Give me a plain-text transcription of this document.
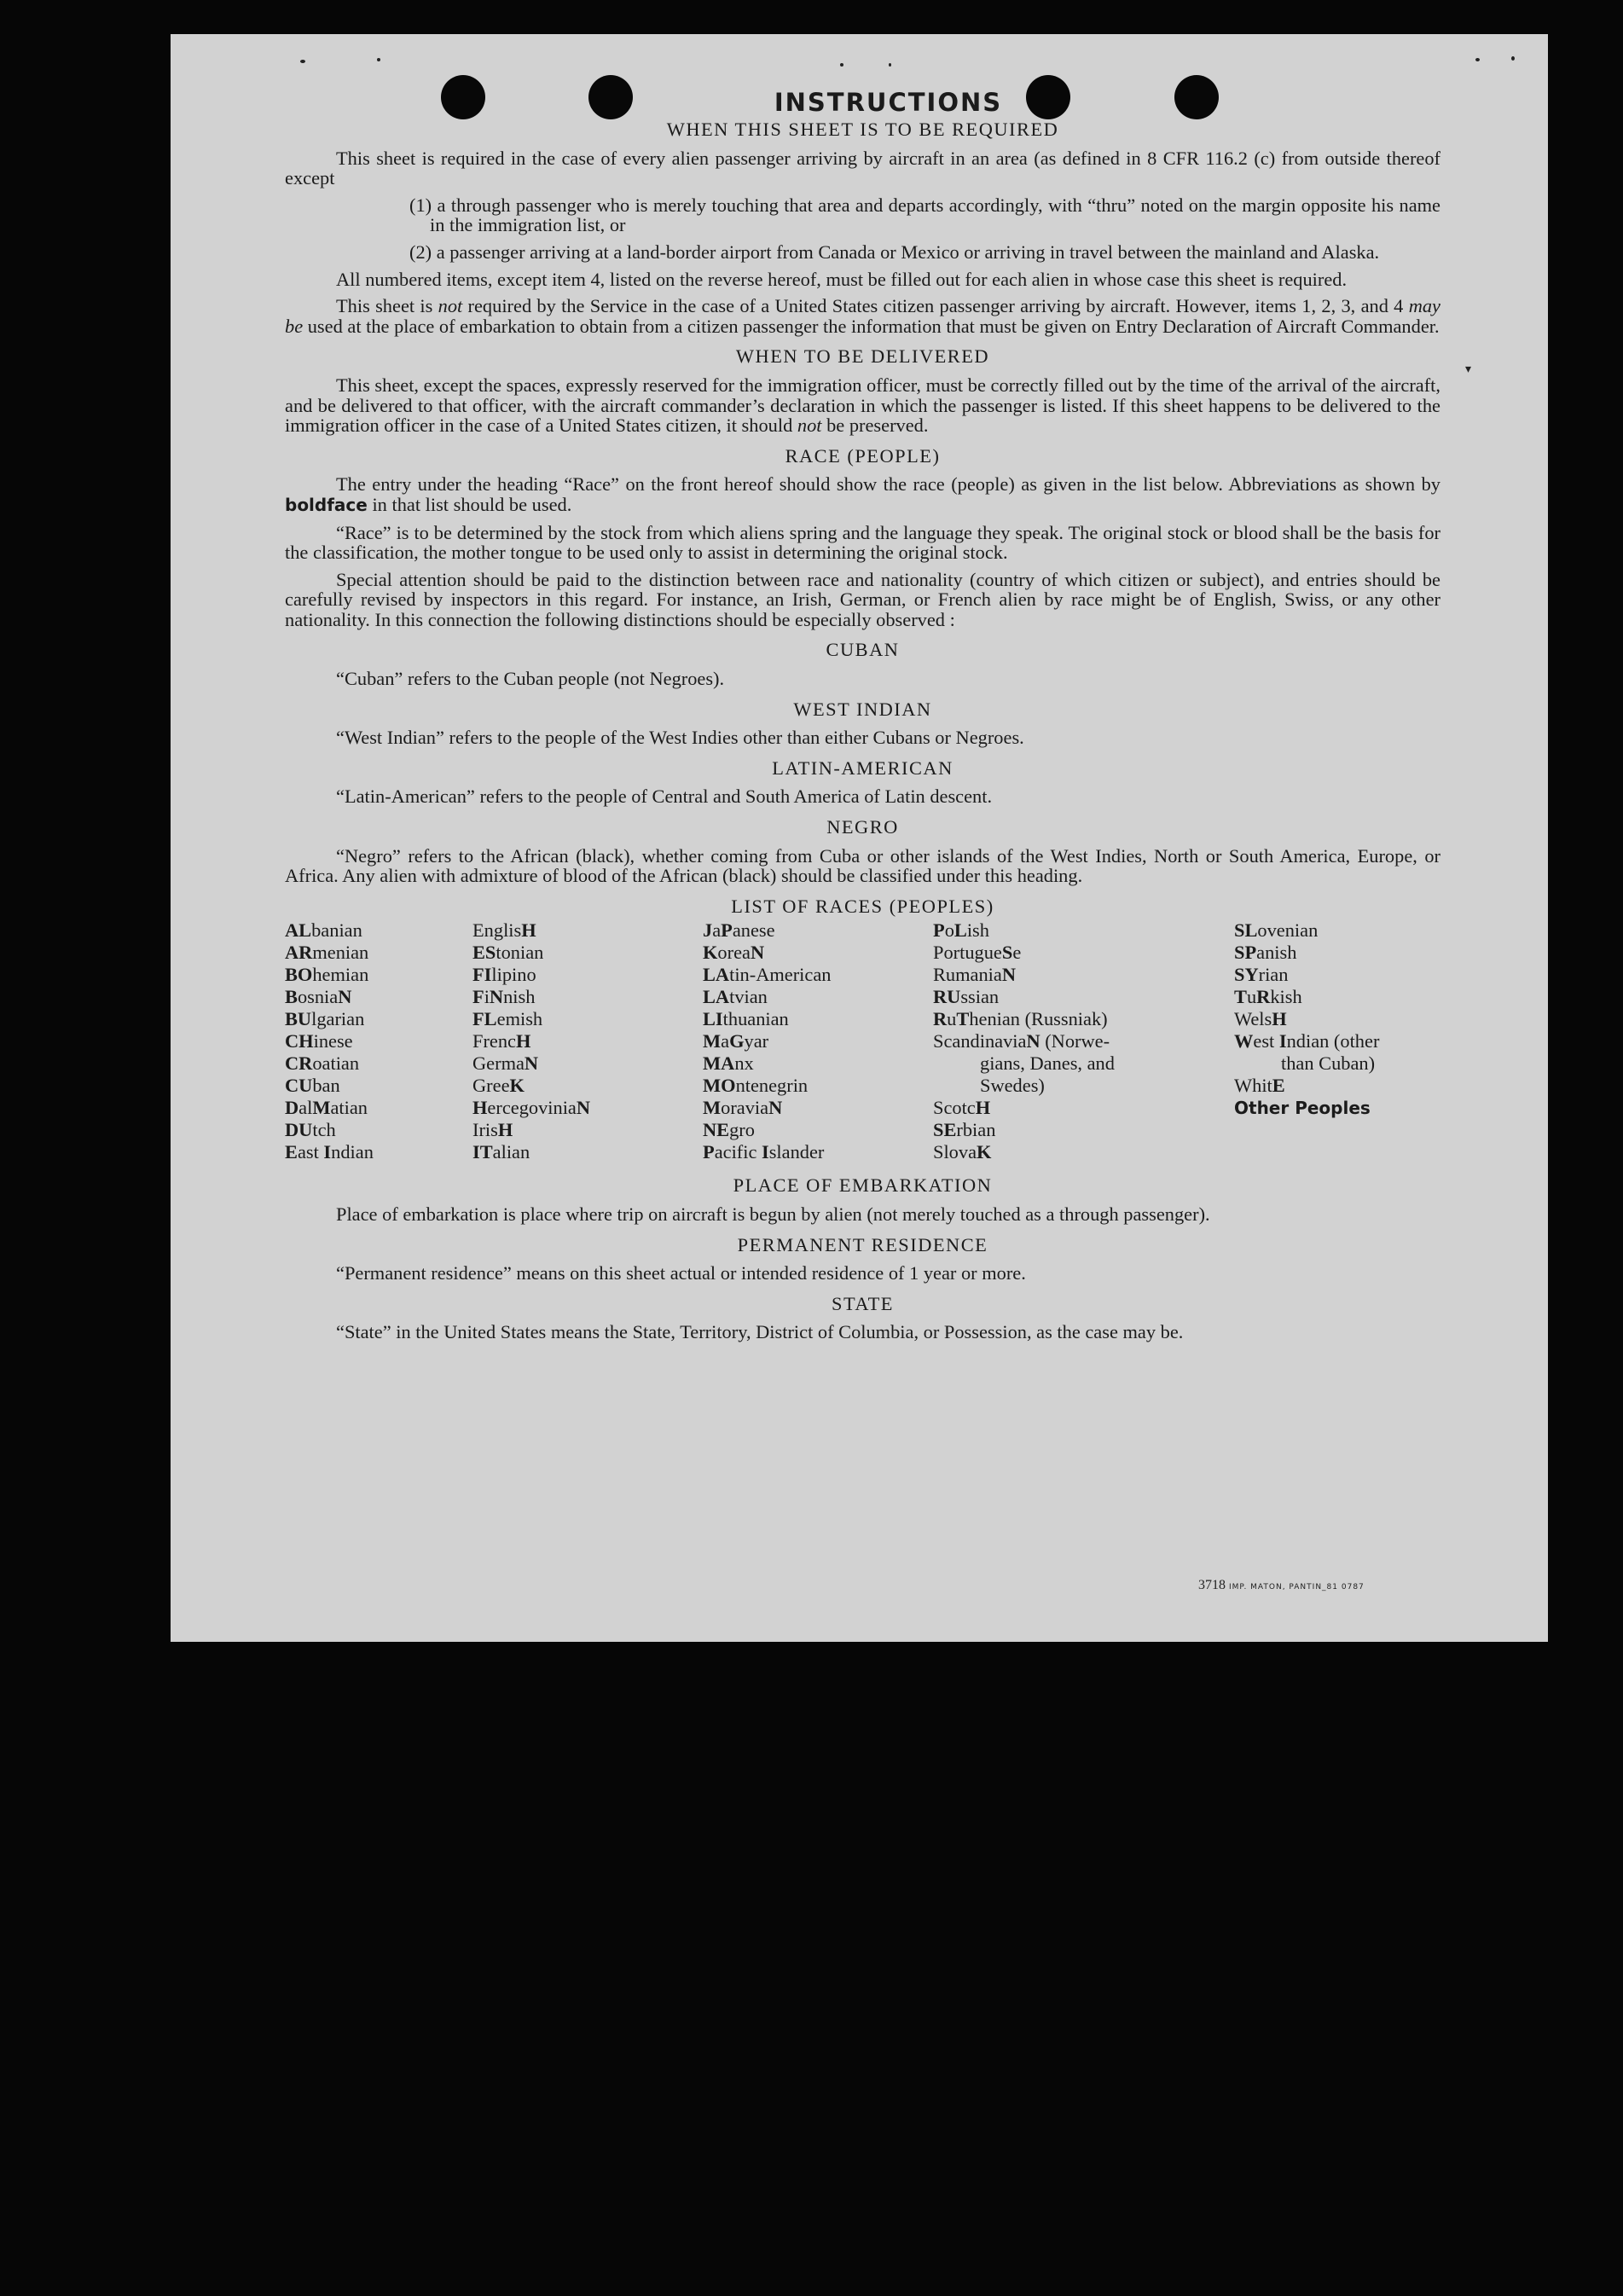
▾
INSTRUCTIONS
WHEN THIS SHEET IS TO BE REQUIRED
This sheet is required in the case of every alien passenger arriving by aircraft in an area (as defined in 8 CFR 116.2 (c) from outside thereof except
(1) a through passenger who is merely touching that area and departs accordingly, with “thru” noted on the margin opposite his name in the immigration list, or
(2) a passenger arriving at a land-border airport from Canada or Mexico or arriving in travel between the mainland and Alaska.
All numbered items, except item 4, listed on the reverse hereof, must be filled out for each alien in whose case this sheet is required.
This sheet is not required by the Service in the case of a United States citizen passenger arriving by aircraft. However, items 1, 2, 3, and 4 may be used at the place of embarkation to obtain from a citizen passenger the information that must be given on Entry Declaration of Aircraft Commander.
WHEN TO BE DELIVERED
This sheet, except the spaces, expressly reserved for the immigration officer, must be correctly filled out by the time of the arrival of the aircraft, and be delivered to that officer, with the aircraft commander’s declaration in which the passenger is listed. If this sheet happens to be delivered to the immigration officer in the case of a United States citizen, it should not be preserved.
RACE (PEOPLE)
The entry under the heading “Race” on the front hereof should show the race (people) as given in the list below. Abbreviations as shown by boldface in that list should be used.
“Race” is to be determined by the stock from which aliens spring and the language they speak. The original stock or blood shall be the basis for the classification, the mother tongue to be used only to assist in determining the original stock.
Special attention should be paid to the distinction between race and nationality (country of which citizen or subject), and entries should be carefully revised by inspectors in this regard. For instance, an Irish, German, or French alien by race might be of English, Swiss, or any other nationality. In this connection the following distinctions should be especially observed :
CUBAN
“Cuban” refers to the Cuban people (not Negroes).
WEST INDIAN
“West Indian” refers to the people of the West Indies other than either Cubans or Negroes.
LATIN-AMERICAN
“Latin-American” refers to the people of Central and South America of Latin descent.
NEGRO
“Negro” refers to the African (black), whether coming from Cuba or other islands of the West Indies, North or South America, Europe, or Africa. Any alien with admixture of blood of the African (black) should be classified under this heading.
LIST OF RACES (PEOPLES)
ALbanian
ARmenian
BOhemian
BosniaN
BUlgarian
CHinese
CRoatian
CUban
DalMatian
DUtch
East Indian
EnglisH
EStonian
FIlipino
FiNnish
FLemish
FrencH
GermaN
GreeK
HercegoviniaN
IrisH
ITalian
JaPanese
KoreaN
LAtin-American
LAtvian
LIthuanian
MaGyar
MAnx
MOntenegrin
MoraviaN
NEgro
Pacific Islander
PoLish
PortugueSe
RumaniaN
RUssian
RuThenian (Russniak)
ScandinaviaN (Norwe-
gians, Danes, and
Swedes)
ScotcH
SErbian
SlovaK
SLovenian
SPanish
SYrian
TuRkish
WelsH
West Indian (other
than Cuban)
WhitE
Other Peoples
PLACE OF EMBARKATION
Place of embarkation is place where trip on aircraft is begun by alien (not merely touched as a through passenger).
PERMANENT RESIDENCE
“Permanent residence” means on this sheet actual or intended residence of 1 year or more.
STATE
“State” in the United States means the State, Territory, District of Columbia, or Possession, as the case may be.
3718 IMP. MATON, PANTIN_81 0787
